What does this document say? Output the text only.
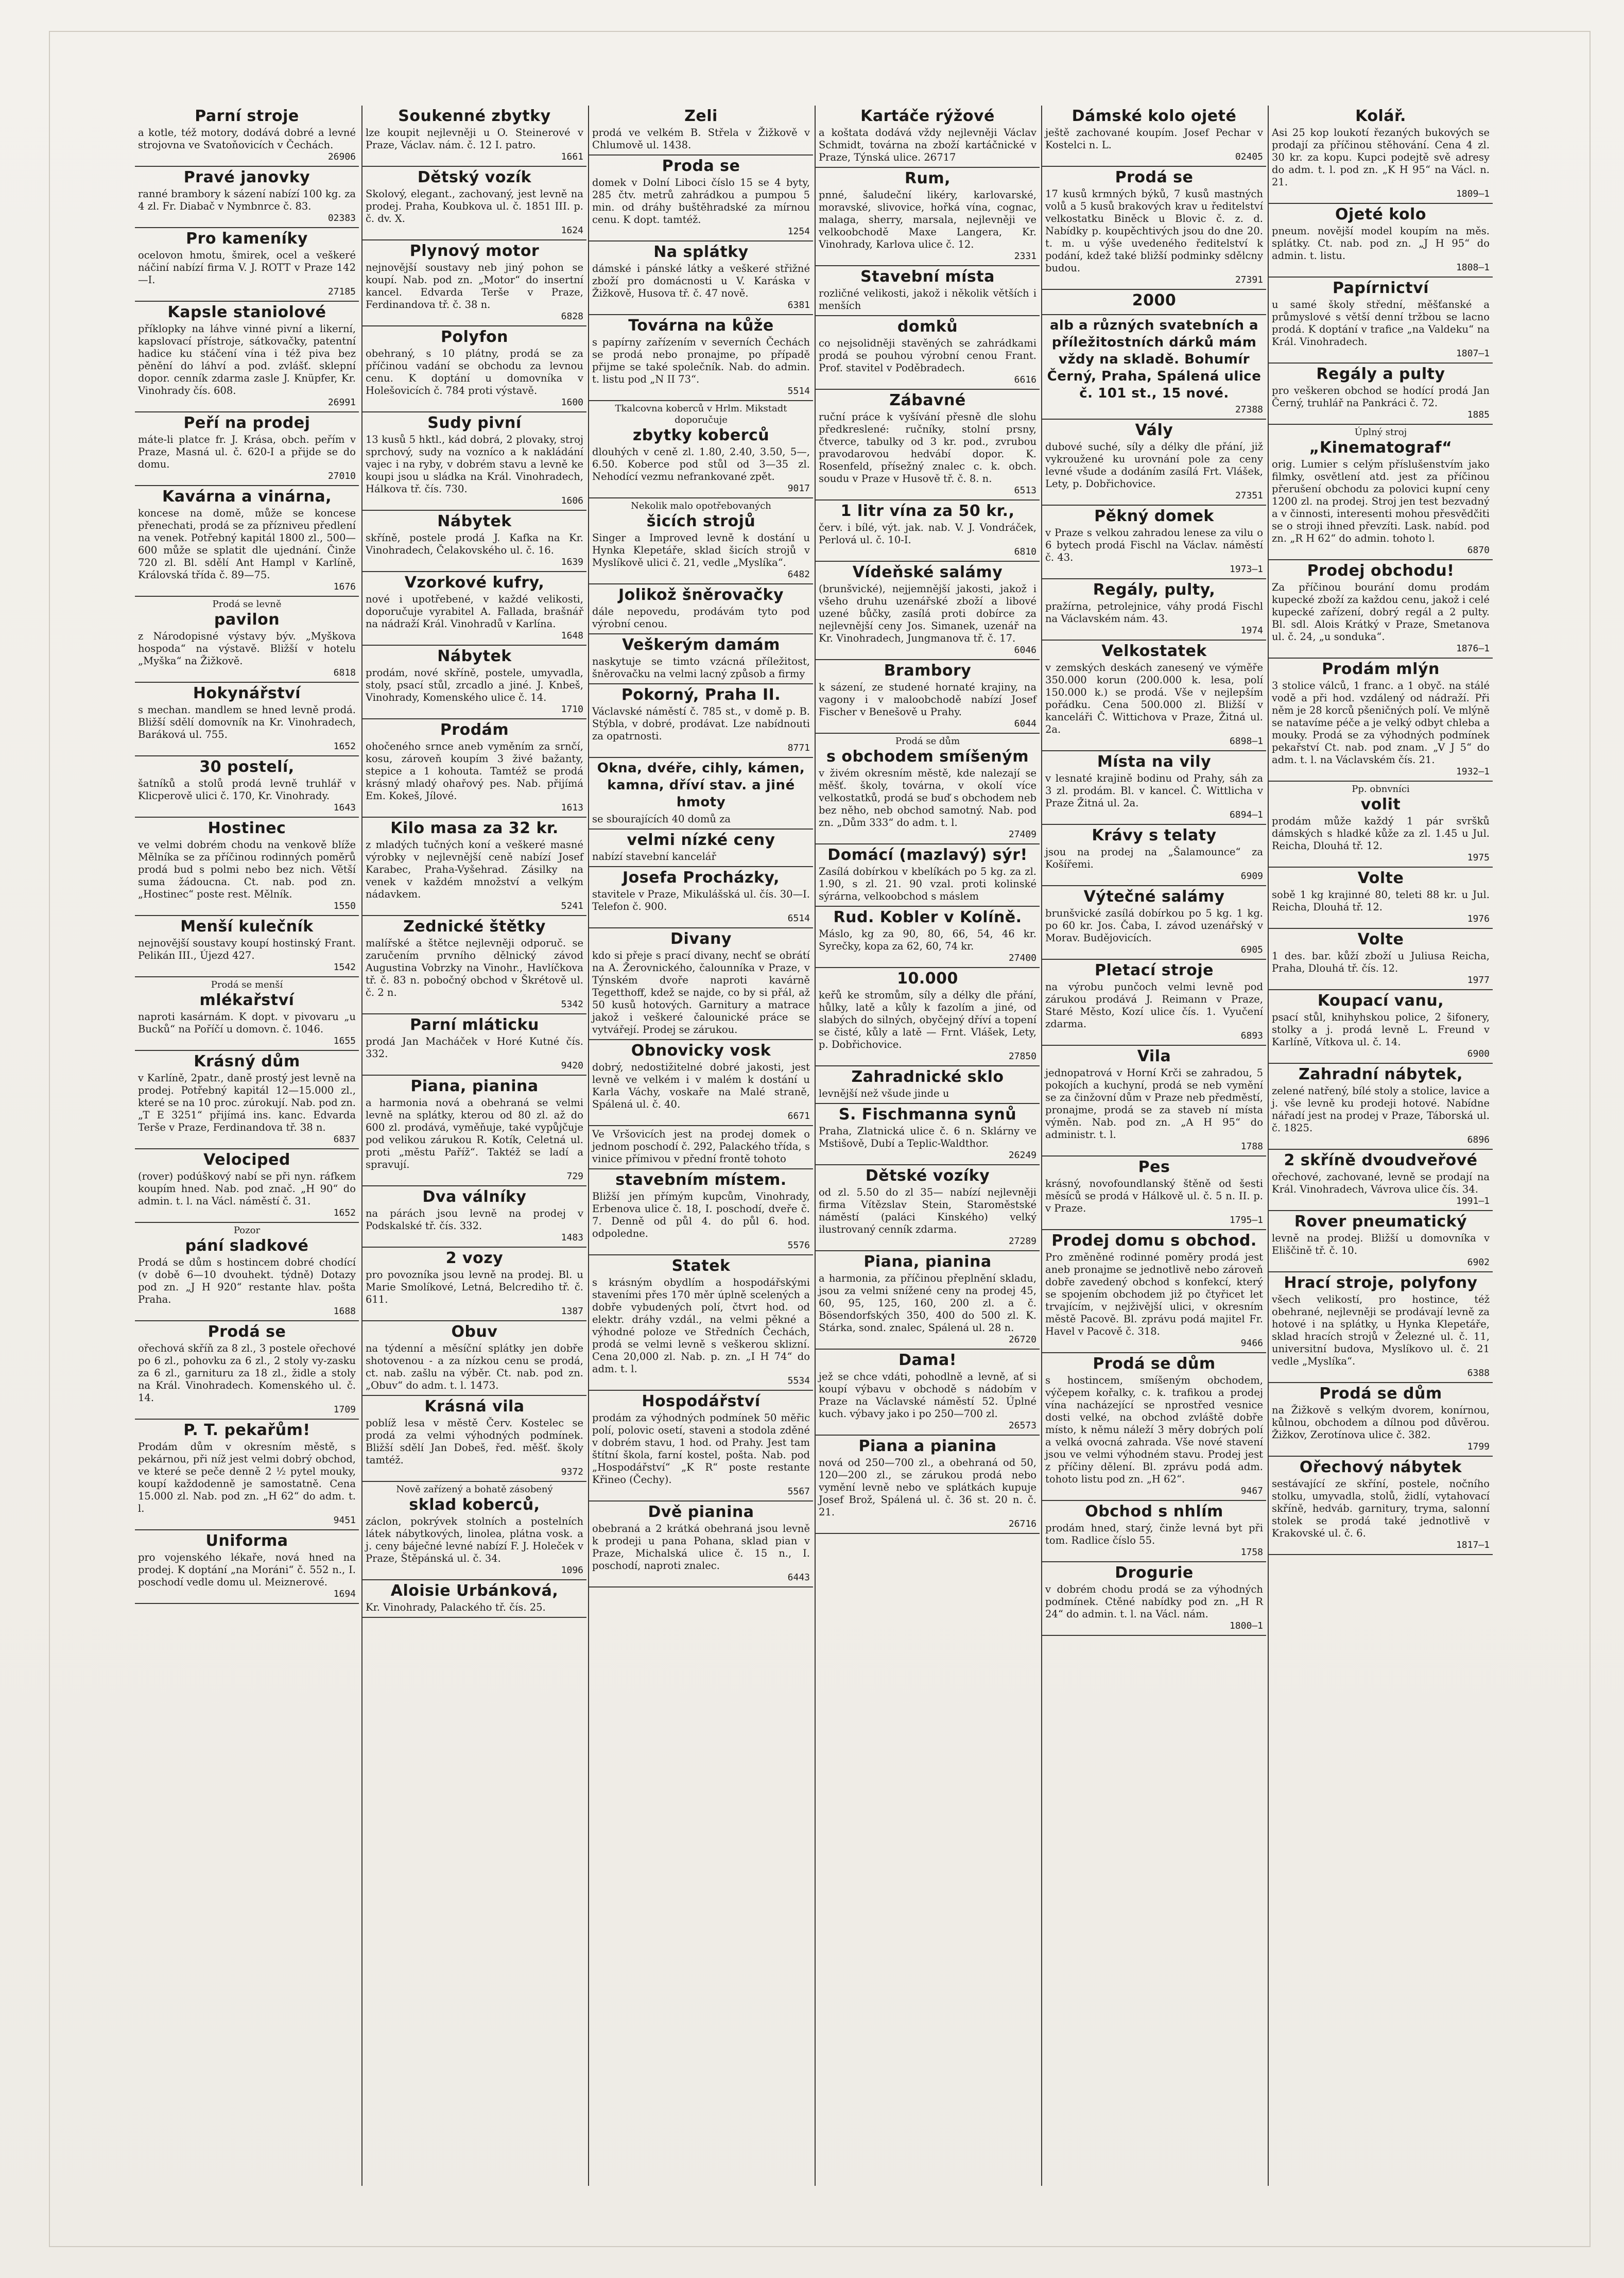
Parní stroje

a kotle, též motory, dodává dobré a levné strojovna ve Svatoňovicích v Čechách.

26906
Pravé janovky

ranné brambory k sázení nabízí 100 kg. za 4 zl. Fr. Diabač v Nymbnrce č. 83.

02383
Pro kameníky

ocelovon hmotu, šmirek, ocel a veškeré náčiní nabízí firma V. J. ROTT v Praze 142—I.

27185
Kapsle staniolové

příklopky na láhve vinné pivní a likerní, kapslovací přístroje, sátkovačky, patentní hadice ku stáčení vína i též piva bez pěnění do láhví a pod. zvlášť. sklepní dopor. cenník zdarma zasle J. Knüpfer, Kr. Vinohrady čís. 608.

26991
Peří na prodej

máte-li platce fr. J. Krása, obch. peřím v Praze, Masná ul. č. 620-I a přijde se do domu.

27010
Kavárna a vinárna,

koncese na domě, může se koncese přenechati, prodá se za přízniveu předlení na venek. Potřebný kapitál 1800 zl., 500—600 může se splatit dle ujednání. Činže 720 zl. Bl. sdělí Ant Hampl v Karlíně, Královská třída č. 89—75.

1676
Prodá se levně
pavilon

z Národopisné výstavy býv. „Myškova hospoda“ na výstavě. Bližší v hotelu „Myška“ na Žižkově.

6818
Hokynářství

s mechan. mandlem se hned levně prodá. Bližší sdělí domovník na Kr. Vinohradech, Baráková ul. 755.

1652
30 postelí,

šatníků a stolů prodá levně truhlář v Klicperově ulici č. 170, Kr. Vinohrady.

1643
Hostinec

ve velmi dobrém chodu na venkově blíže Mělníka se za příčinou rodinných poměrů prodá bud s polmi nebo bez nich. Větší suma žádoucna. Ct. nab. pod zn. „Hostinec“ poste rest. Mělník.

1550
Menší kulečník

nejnovější soustavy koupí hostinský Frant. Pelikán III., Újezd 427.

1542
Prodá se menší
mlékařství

naproti kasárnám. K dopt. v pivovaru „u Bucků“ na Poříčí u domovn. č. 1046.

1655
Krásný dům

v Karlíně, 2patr., daně prostý jest levně na prodej. Potřebný kapitál 12—15.000 zl., které se na 10 proc. zúrokují. Nab. pod zn. „T E 3251“ přijímá ins. kanc. Edvarda Terše v Praze, Ferdinandova tř. 38 n.

6837
Velociped

(rover) podúškový nabí se při nyn. ráfkem koupím hned. Nab. pod znač. „H 90“ do admin. t. l. na Václ. náměstí č. 31.

1652
Pozor
pání sladkové

Prodá se dům s hostincem dobré chodící (v době 6—10 dvouhekt. týdně) Dotazy pod zn. „J H 920“ restante hlav. pošta Praha.

1688
Prodá se

ořechová skříň za 8 zl., 3 postele ořechové po 6 zl., pohovku za 6 zl., 2 stoly vy-zasku za 6 zl., garnituru za 18 zl., židle a stoly na Král. Vinohradech. Komenského ul. č. 14.

1709
P. T. pekařům!

Prodám dům v okresním městě, s pekárnou, při níž jest velmi dobrý obchod, ve které se peče denně 2 ½ pytel mouky, koupí každodenně je samostatně. Cena 15.000 zl. Nab. pod zn. „H 62“ do adm. t. l.

9451
Uniforma

pro vojenského lékaře, nová hned na prodej. K doptání „na Moráni“ č. 552 n., I. poschodí vedle domu ul. Meiznerové.

1694
Soukenné zbytky

lze koupit nejlevněji u O. Steinerové v Praze, Václav. nám. č. 12 I. patro.

1661
Dětský vozík

Skolový, elegant., zachovaný, jest levně na prodej. Praha, Koubkova ul. č. 1851 III. p. č. dv. X.

1624
Plynový motor

nejnovější soustavy neb jiný pohon se koupí. Nab. pod zn. „Motor“ do insertní kancel. Edvarda Terše v Praze, Ferdinandova tř. č. 38 n.

6828
Polyfon

obehraný, s 10 plátny, prodá se za příčinou vadání se obchodu za levnou cenu. K doptání u domovníka v Holešovicích č. 784 proti výstavě.

1600
Sudy pivní

13 kusů 5 hktl., kád dobrá, 2 plovaky, stroj sprchový, sudy na vozníco a k nakládání vajec i na ryby, v dobrém stavu a levně ke koupi jsou u sládka na Král. Vinohradech, Hálkova tř. čís. 730.

1606
Nábytek

skříně, postele prodá J. Kafka na Kr. Vinohradech, Čelakovského ul. č. 16.

1639
Vzorkové kufry,

nové i upotřebené, v každé velikosti, doporučuje vyrabitel A. Fallada, brašnář na nádraží Král. Vinohradů v Karlína.

1648
Nábytek

prodám, nové skříně, postele, umyvadla, stoly, psací stůl, zrcadlo a jiné. J. Knbeš, Vinohrady, Komenského ulice č. 14.

1710
Prodám

ohočeného srnce aneb vyměním za srnčí, kosu, zároveň koupím 3 živé bažanty, stepice a 1 kohouta. Tamtéž se prodá krásný mladý ohařový pes. Nab. přijímá Em. Kokeš, Jílové.

1613
Kilo masa za 32 kr.

z mladých tučných koní a veškeré masné výrobky v nejlevnější ceně nabízí Josef Karabec, Praha-Vyšehrad. Zásilky na venek v každém množství a velkým nádavkem.

5241
Zednické štětky

malířské a štětce nejlevněji odporuč. se zaručením prvního dělnický závod Augustina Vobrzky na Vinohr., Havlíčkova tř. č. 83 n. pobočný obchod v Škrétově ul. č. 2 n.

5342
Parní mláticku

prodá Jan Macháček v Horé Kutné čís. 332.

9420
Piana, pianina

a harmonia nová a obehraná se velmi levně na splátky, kterou od 80 zl. až do 600 zl. prodává, vyměňuje, také vypůjčuje pod velikou zárukou R. Kotík, Celetná ul. proti „městu Paříž“. Taktéž se ladí a spravují.

729
Dva válníky

na párách jsou levně na prodej v Podskalské tř. čís. 332.

1483
2 vozy

pro povozníka jsou levně na prodej. Bl. u Marie Smolíkové, Letná, Belcrediho tř. č. 611.

1387
Obuv

na týdenní a měsíční splátky jen dobře shotovenou - a za nízkou cenu se prodá, ct. nab. zašlu na výběr. Ct. nab. pod zn. „Obuv“ do adm. t. l. 1473.

Krásná vila

poblíž lesa v městě Červ. Kostelec se prodá za velmi výhodných podmínek. Bližší sdělí Jan Dobeš, řed. měšť. školy tamtéž.

9372
Nově zařízený a bohatě zásobený
sklad koberců,

záclon, pokrývek stolních a postelních látek nábytkových, linolea, plátna vosk. a j. ceny báječné levné nabízí F. J. Holeček v Praze, Štěpánská ul. č. 34.

1096
Aloisie Urbánková,

Kr. Vinohrady, Palackého tř. čís. 25.

Zeli

prodá ve velkém B. Střela v Žižkově v Chlumově ul. 1438.

Proda se

domek v Dolní Liboci číslo 15 se 4 byty, 285 čtv. metrů zahrádkou a pumpou 5 min. od dráhy buštěhradské za mírnou cenu. K dopt. tamtéž.

1254
Na splátky

dámské i pánské látky a veškeré střižné zboží pro domácnosti u V. Karáska v Žižkově, Husova tř. č. 47 nově.

6381
Továrna na kůže

s papírny zařízením v severních Čechách se prodá nebo pronajme, po případě přijme se také společník. Nab. do admin. t. listu pod „N II 73“.

5514
Tkalcovna koberců v Hrlm. Mikstadt doporučuje
zbytky koberců

dlouhých v ceně zl. 1.80, 2.40, 3.50, 5—, 6.50. Koberce pod stůl od 3—35 zl. Nehodící vezmu nefrankované zpět.

9017
Nekolik malo opotřebovaných
šicích strojů

Singer a Improved levně k dostání u Hynka Klepetáře, sklad šicích strojů v Myslíkově ulici č. 21, vedle „Myslíka“.

6482
Jolikož šněrovačky

dále nepovedu, prodávám tyto pod výrobní cenou.

Veškerým damám

naskytuje se timto vzácná příležitost, šněrovačku na velmi lacný způsob a firmy

Pokorný, Praha II.

Václavské náměstí č. 785 st., v domě p. B. Stýbla, v dobré, prodávat. Lze nabídnouti za opatrnosti.

8771
Okna, dvéře, cihly, kámen, kamna, dříví stav. a jiné hmoty

se sbourajících 40 domů za

velmi nízké ceny

nabízí stavební kancelář

Josefa Procházky,

stavitele v Praze, Mikulášská ul. čís. 30—I. Telefon č. 900.

6514
Divany

kdo si přeje s prací divany, nechť se obrátí na A. Žerovnického, čalounníka v Praze, v Týnském dvoře naproti kavárně Tegetthoff, kdež se najde, co by si přál, až 50 kusů hotových. Garnitury a matrace jakož i veškeré čalounické práce se vytvářejí. Prodej se zárukou.

Obnovicky vosk

dobrý, nedostižitelné dobré jakosti, jest levně ve velkém i v malém k dostání u Karla Váchy, voskaře na Malé straně, Spálená ul. č. 40.

6671

Ve Vršovicích jest na prodej domek o jednom poschodí č. 292, Palackého třída, s vinice přímivou v přední frontě tohoto

stavebním místem.

Bližší jen přímým kupcům, Vinohrady, Erbenova ulice č. 18, I. poschodí, dveře č. 7. Denně od půl 4. do půl 6. hod. odpoledne.

5576
Statek

s krásným obydlím a hospodářskými staveními přes 170 měr úplně scelených a dobře vybudených polí, čtvrt hod. od elektr. dráhy vzdál., na velmi pěkné a výhodné poloze ve Středních Čechách, prodá se velmi levně s veškerou sklizní. Cena 20,000 zl. Nab. p. zn. „I H 74“ do adm. t. l.

5534
Hospodářství

prodám za výhodných podmínek 50 měřic polí, polovic osetí, staveni a stodola zděné v dobrém stavu, 1 hod. od Prahy. Jest tam štítní škola, farní kostel, pošta. Nab. pod „Hospodářství“ „K R“ poste restante Křineo (Čechy).

5567
Dvě pianina

obebraná a 2 krátká obehraná jsou levně k prodeji u pana Pohana, sklad pian v Praze, Michalská ulice č. 15 n., I. poschodí, naproti znalec.

6443
Kartáče rýžové

a koštata dodává vždy nejlevněji Václav Schmidt, továrna na zboží kartáčnické v Praze, Týnská ulice. 26717

Rum,

pnné, šaludeční likéry, karlovarské, moravské, slivovice, hořká vína, cognac, malaga, sherry, marsala, nejlevněji ve velkoobchodě Maxe Langera, Kr. Vinohrady, Karlova ulice č. 12.

2331
Stavební místa

rozličné velikosti, jakož i několik větších i menších

domků

co nejsolidněji stavěných se zahrádkami prodá se pouhou výrobní cenou Frant. Prof. stavitel v Poděbradech.

6616
Zábavné

ruční práce k vyšívání přesně dle slohu předkreslené: ručníky, stolní prsny, čtverce, tabulky od 3 kr. pod., zvrubou pravodarovou hedvábí dopor. K. Rosenfeld, přísežný znalec c. k. obch. soudu v Praze v Husově tř. č. 8. n.

6513
1 litr vína za 50 kr.,

červ. i bílé, výt. jak. nab. V. J. Vondráček, Perlová ul. č. 10-I.

6810
Vídeňské salámy

(brunšvické), nejjemnější jakosti, jakož i všeho druhu uzenářské zboží a libové uzené bůčky, zasílá proti dobírce za nejlevnější ceny Jos. Simanek, uzenář na Kr. Vinohradech, Jungmanova tř. č. 17.

6046
Brambory

k sázení, ze studené hornaté krajiny, na vagony i v maloobchodě nabízí Josef Fischer v Benešově u Prahy.

6044
Prodá se dům
s obchodem smíšeným

v živém okresním městě, kde nalezají se měšť. školy, továrna, v okolí více velkostatků, prodá se buď s obchodem neb bez něho, neb obchod samotný. Nab. pod zn. „Dům 333“ do adm. t. l.

27409
Domácí (mazlavý) sýr!

Zasílá dobírkou v kbelíkách po 5 kg. za zl. 1.90, s zl. 21. 90 vzal. proti kolinské sýrárna, velkoobchod s máslem

Rud. Kobler v Kolíně.

Máslo, kg za 90, 80, 66, 54, 46 kr. Syrečky, kopa za 62, 60, 74 kr.

27400
10.000

keřů ke stromům, síly a délky dle přání, hůlky, latě a kůly k fazolím a jiné, od slabých do silných, obyčejný dříví a topení se čisté, kůly a latě — Frnt. Vlášek, Lety, p. Dobřichovice.

27850
Zahradnické sklo

levnější než všude jinde u

S. Fischmanna synů

Praha, Zlatnická ulice č. 6 n. Sklárny ve Mstišově, Dubí a Teplic-Waldthor.

26249
Dětské vozíky

od zl. 5.50 do zl 35— nabízí nejlevněji firma Vítězslav Stein, Staroměstské náměstí (paláci Kinského) velký ilustrovaný cenník zdarma.

27289
Piana, pianina

a harmonia, za příčinou přeplnění skladu, jsou za velmi snížené ceny na prodej 45, 60, 95, 125, 160, 200 zl. a č. Bösendorfských 350, 400 do 500 zl. K. Stárka, sond. znalec, Spálená ul. 28 n.

26720
Dama!

jež se chce vdáti, pohodlně a levně, ať si koupí výbavu v obchodě s nádobím v Praze na Václavské náměstí 52. Úplné kuch. výbavy jako i po 250—700 zl.

26573
Piana a pianina

nová od 250—700 zl., a obehraná od 50, 120—200 zl., se zárukou prodá nebo vymění levně nebo ve splátkách kupuje Josef Brož, Spálená ul. č. 36 st. 20 n. č. 21.

26716
Dámské kolo ojeté

ještě zachované koupím. Josef Pechar v Kostelci n. L.

02405
Prodá se

17 kusů krmných býků, 7 kusů mastných volů a 5 kusů brakových krav u ředitelství velkostatku Biněck u Blovic č. z. d. Nabídky p. koupěchtivých jsou do dne 20. t. m. u výše uvedeného ředitelství k podání, kdež také bližší podminky sdělcny budou.

27391
2000
alb a různých svatebních a příležitostních dárků mám vždy na skladě. Bohumír Černý, Praha, Spálená ulice č. 101 st., 15 nové.
27388
Vály

dubové suché, síly a délky dle přání, již vykroužené ku urovnání pole za ceny levné všude a dodáním zasílá Frt. Vlášek, Lety, p. Dobřichovice.

27351
Pěkný domek

v Praze s velkou zahradou lenese za vilu o 6 bytech prodá Fischl na Václav. náměstí č. 43.

1973—1
Regály, pulty,

pražírna, petrolejnice, váhy prodá Fischl na Václavském nám. 43.

1974
Velkostatek

v zemských deskách zanesený ve výměře 350.000 korun (200.000 k. lesa, polí 150.000 k.) se prodá. Vše v nejlepším pořádku. Cena 500.000 zl. Bližší v kanceláři Č. Wittichova v Praze, Žitná ul. 2a.

6898—1
Místa na vily

v lesnaté krajině bodinu od Prahy, sáh za 3 zl. prodám. Bl. v kancel. Č. Wittlicha v Praze Žitná ul. 2a.

6894—1
Krávy s telaty

jsou na prodej na „Šalamounce“ za Košířemi.

6909
Výtečné salámy

brunšvické zasílá dobírkou po 5 kg. 1 kg. po 60 kr. Jos. Čaba, I. závod uzenářský v Morav. Budějovicích.

6905
Pletací stroje

na výrobu punčoch velmi levně pod zárukou prodává J. Reimann v Praze, Staré Město, Kozí ulice čís. 1. Vyučení zdarma.

6893
Vila

jednopatrová v Horní Krči se zahradou, 5 pokojích a kuchyní, prodá se neb vymění se za činžovní dům v Praze neb předměstí, pronajme, prodá se za staveb ní místa výměn. Nab. pod zn. „A H 95“ do administr. t. l.

1788
Pes

krásný, novofoundlanský štěně od šesti měsíců se prodá v Hálkově ul. č. 5 n. II. p. v Praze.

1795—1
Prodej domu s obchod.

Pro změněné rodinné poměry prodá jest aneb pronajme se jednotlivě nebo zároveň dobře zavedený obchod s konfekcí, který se spojením obchodem již po čtyřicet let trvajícím, v nejživější ulici, v okresním městě Pacově. Bl. zprávu podá majitel Fr. Havel v Pacově č. 318.

9466
Prodá se dům

s hostincem, smíšeným obchodem, výčepem kořalky, c. k. trafikou a prodej vína nacházející se nprostřed vesnice dosti velké, na obchod zvláště dobře místo, k němu náleží 3 měry dobrých polí a velká ovocná zahrada. Vše nové stavení jsou ve velmi výhodném stavu. Prodej jest z příčiny dělení. Bl. zprávu podá adm. tohoto listu pod zn. „H 62“.

9467
Obchod s nhlím

prodám hned, starý, činže levná byt při tom. Radlice číslo 55.

1758
Drogurie

v dobrém chodu prodá se za výhodných podmínek. Ctěné nabídky pod zn. „H R 24“ do admin. t. l. na Václ. nám.

1800—1
Kolář.

Asi 25 kop loukotí řezaných bukových se prodají za příčinou stěhování. Cena 4 zl. 30 kr. za kopu. Kupci podejtě svě adresy do adm. t. l. pod zn. „K H 95“ na Václ. n. 21.

1809—1
Ojeté kolo

pneum. novější model koupím na měs. splátky. Ct. nab. pod zn. „J H 95“ do admin. t. listu.

1808—1
Papírnictví

u samé školy střední, měšťanské a průmyslové s větší denní tržbou se lacno prodá. K doptání v trafice „na Valdeku“ na Král. Vinohradech.

1807—1
Regály a pulty

pro veškeren obchod se hodící prodá Jan Černý, truhlář na Pankráci č. 72.

1885
Úplný stroj
„Kinematograf“

orig. Lumier s celým příslušenstvím jako filmky, osvětlení atd. jest za příčinou přerušení obchodu za polovici kupní ceny 1200 zl. na prodej. Stroj jen test bezvadný a v činnosti, interesenti mohou přesvědčiti se o stroji ihned převzíti. Lask. nabíd. pod zn. „R H 62“ do admin. tohoto l.

6870
Prodej obchodu!

Za příčinou bourání domu prodám kupecké zboží za každou cenu, jakož i celé kupecké zařízení, dobrý regál a 2 pulty. Bl. sdl. Alois Krátký v Praze, Smetanova ul. č. 24, „u sonduka“.

1876—1
Prodám mlýn

3 stolice válců, 1 franc. a 1 obyč. na stálé vodě a při hod. vzdálený od nádraží. Při něm je 28 korců pšeničných polí. Ve mlýně se natavíme péče a je velký odbyt chleba a mouky. Prodá se za výhodných podmínek pekařství Ct. nab. pod znam. „V J 5“ do adm. t. l. na Václavském čís. 21.

1932—1
Pp. obnvníci
volit

prodám může každý 1 pár svršků dámských s hladké kůže za zl. 1.45 u Jul. Reicha, Dlouhá tř. 12.

1975
Volte

sobě 1 kg krajinné 80, teleti 88 kr. u Jul. Reicha, Dlouhá tř. 12.

1976
Volte

1 des. bar. kůží zboží u Juliusa Reicha, Praha, Dlouhá tř. čís. 12.

1977
Koupací vanu,

psací stůl, knihyhskou police, 2 šifonery, stolky a j. prodá levně L. Freund v Karlíně, Vítkova ul. č. 14.

6900
Zahradní nábytek,

zelené natřený, bílé stoly a stolice, lavice a j. vše levně ku prodeji hotové. Nabídne nářadí jest na prodej v Praze, Táborská ul. č. 1825.

6896
2 skříně dvoudveřové

ořechové, zachované, levně se prodají na Král. Vinohradech, Vávrova ulice čís. 34.

1991—1
Rover pneumatický

levně na prodej. Bližší u domovníka v Eliščině tř. č. 10.

6902
Hrací stroje, polyfony

všech velikostí, pro hostince, též obehrané, nejlevněji se prodávají levně za hotové i na splátky, u Hynka Klepetáře, sklad hracích strojů v Železné ul. č. 11, universitní budova, Myslíkovo ul. č. 21 vedle „Myslíka“.

6388
Prodá se dům

na Žižkově s velkým dvorem, konírnou, kůlnou, obchodem a dílnou pod důvěrou. Žižkov, Zerotínova ulice č. 382.

1799
Ořechový nábytek

sestávající ze skříní, postele, nočního stolku, umyvadla, stolů, židlí, vytahovací skříně, hedváb. garnitury, tryma, salonní stolek se prodá také jednotlivě v Krakovské ul. č. 6.

1817—1
